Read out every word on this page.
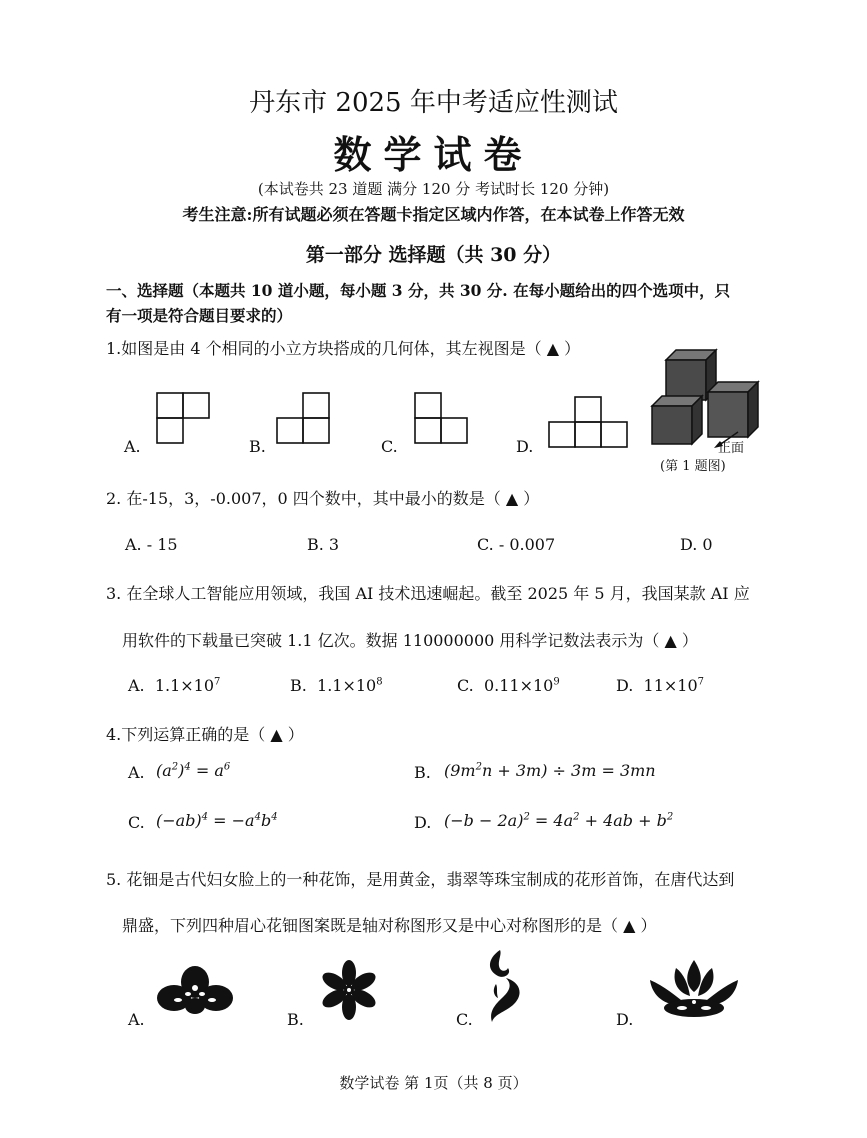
丹东市 2025 年中考适应性测试
数学试卷
(本试卷共 23 道题 满分 120 分 考试时长 120 分钟)
考生注意:所有试题必须在答题卡指定区域内作答，在本试卷上作答无效
第一部分 选择题（共 30 分）
一、选择题（本题共 10 道小题，每小题 3 分，共 30 分. 在每小题给出的四个选项中，只
有一项是符合题目要求的）
1.如图是由 4 个相同的小立方块搭成的几何体，其左视图是（ ▲ ）
A.	B.	C.	D.	正面
(第 1 题图)
2. 在-15，3，-0.007，0 四个数中，其中最小的数是（ ▲ ）
A. - 15	B. 3	C. - 0.007	D. 0
3. 在全球人工智能应用领域，我国 AI 技术迅速崛起。截至 2025 年 5 月，我国某款 AI 应
用软件的下载量已突破 1.1 亿次。数据 110000000 用科学记数法表示为（ ▲ ）
A. $1.1\times 10^7$	B. $1.1\times 10^8$	C. $0.11\times 10^9$	D. $11\times 10^7$
4.下列运算正确的是（ ▲ ）
A. $(a^2)^4 = a^6$	B. $(9m^2n + 3m) \div 3m = 3mn$
C. $(-ab)^4 = -a^4b^4$	D. $(-b - 2a)^2 = 4a^2 + 4ab + b^2$
5. 花钿是古代妇女脸上的一种花饰，是用黄金，翡翠等珠宝制成的花形首饰，在唐代达到
鼎盛，下列四种眉心花钿图案既是轴对称图形又是中心对称图形的是（ ▲ ）
A.	B.	C.	D.
数学试卷 第 1页（共 8 页）
